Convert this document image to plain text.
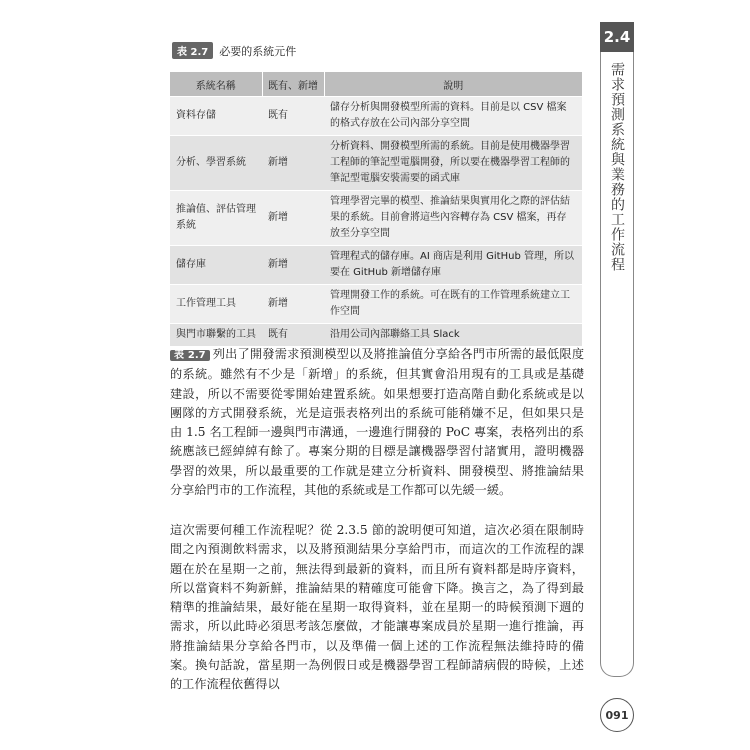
2.4
需求預測系統與業務的工作流程
091
表 2.7	必要的系統元件
系統名稱	既有、新增	說明
資料存儲	既有	儲存分析與開發模型所需的資料。目前是以 CSV 檔案的格式存放在公司內部分享空間
分析、學習系統	新增	分析資料、開發模型所需的系統。目前是使用機器學習工程師的筆記型電腦開發，所以要在機器學習工程師的筆記型電腦安裝需要的函式庫
推論值、評估管理系統	新增	管理學習完畢的模型、推論結果與實用化之際的評估結果的系統。目前會將這些內容轉存為 CSV 檔案，再存放至分享空間
儲存庫	新增	管理程式的儲存庫。AI 商店是利用 GitHub 管理，所以要在 GitHub 新增儲存庫
工作管理工具	新增	管理開發工作的系統。可在既有的工作管理系統建立工作空間
與門市聯繫的工具	既有	沿用公司內部聯絡工具 Slack

表 2.7 列出了開發需求預測模型以及將推論值分享給各門市所需的最低限度的系統。雖然有不少是「新增」的系統，但其實會沿用現有的工具或是基礎建設，所以不需要從零開始建置系統。如果想要打造高階自動化系統或是以團隊的方式開發系統，光是這張表格列出的系統可能稍嫌不足，但如果只是由 1.5 名工程師一邊與門市溝通，一邊進行開發的 PoC 專案，表格列出的系統應該已經綽綽有餘了。專案分期的目標是讓機器學習付諸實用，證明機器學習的效果，所以最重要的工作就是建立分析資料、開發模型、將推論結果分享給門市的工作流程，其他的系統或是工作都可以先緩一緩。

這次需要何種工作流程呢？從 2.3.5 節的說明便可知道，這次必須在限制時間之內預測飲料需求，以及將預測結果分享給門市，而這次的工作流程的課題在於在星期一之前，無法得到最新的資料，而且所有資料都是時序資料，所以當資料不夠新鮮，推論結果的精確度可能會下降。換言之，為了得到最精準的推論結果，最好能在星期一取得資料，並在星期一的時候預測下週的需求，所以此時必須思考該怎麼做，才能讓專案成員於星期一進行推論，再將推論結果分享給各門市，以及準備一個上述的工作流程無法維持時的備案。換句話說，當星期一為例假日或是機器學習工程師請病假的時候，上述的工作流程依舊得以
